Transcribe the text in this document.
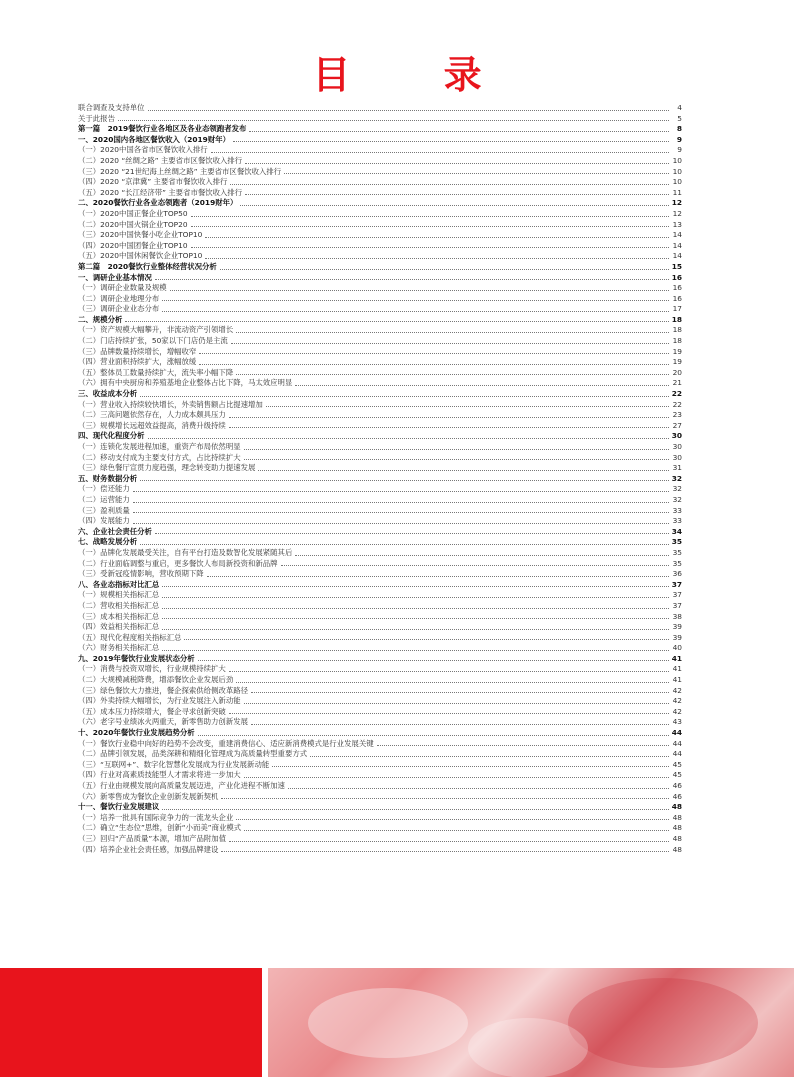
目 录
联合调查及支持单位	4
关于此报告	5
第一篇　2019餐饮行业各地区及各业态领跑者发布	8
一、2020国内各地区餐饮收入（2019财年）	9
（一）2020中国各省市区餐饮收入排行	9
（二）2020 “丝绸之路” 主要省市区餐饮收入排行	10
（三）2020 “21世纪海上丝绸之路” 主要省市区餐饮收入排行	10
（四）2020 “京津冀” 主要省市餐饮收入排行	10
（五）2020 “长江经济带” 主要省市餐饮收入排行	11
二、2020餐饮行业各业态领跑者（2019财年）	12
（一）2020中国正餐企业TOP50	12
（二）2020中国火锅企业TOP20	13
（三）2020中国快餐小吃企业TOP10	14
（四）2020中国团餐企业TOP10	14
（五）2020中国休闲餐饮企业TOP10	14
第二篇　2020餐饮行业整体经营状况分析	15
一、调研企业基本情况	16
（一）调研企业数量及规模	16
（二）调研企业地理分布	16
（三）调研企业业态分布	17
二、规模分析	18
（一）资产规模大幅攀升，非流动资产引领增长	18
（二）门店持续扩张，50家以下门店仍是主流	18
（三）品牌数量持续增长，增幅收窄	19
（四）营业面积持续扩大，涨幅放缓	19
（五）整体员工数量持续扩大，流失率小幅下降	20
（六）拥有中央厨房和养殖基地企业整体占比下降，马太效应明显	21
三、收益成本分析	22
（一）营业收入持续较快增长，外卖销售额占比提速增加	22
（二）三高问题依然存在，人力成本颇具压力	23
（三）规模增长远超效益提高，消费升级持续	27
四、现代化程度分析	30
（一）连锁化发展进程加速，重资产布局依然明显	30
（二）移动支付成为主要支付方式，占比持续扩大	30
（三）绿色餐厅宣贯力度趋强，理念转变助力提速发展	31
五、财务数据分析	32
（一）偿还能力	32
（二）运营能力	32
（三）盈利质量	33
（四）发展能力	33
六、企业社会责任分析	34
七、战略发展分析	35
（一）品牌化发展最受关注，自有平台打造及数智化发展紧随其后	35
（二）行业面临调整与重启，更多餐饮人布局新投资和新品牌	35
（三）受新冠疫情影响，营收预期下降	36
八、各业态指标对比汇总	37
（一）规模相关指标汇总	37
（二）营收相关指标汇总	37
（三）成本相关指标汇总	38
（四）效益相关指标汇总	39
（五）现代化程度相关指标汇总	39
（六）财务相关指标汇总	40
九、2019年餐饮行业发展状态分析	41
（一）消费与投资双增长，行业规模持续扩大	41
（二）大规模减税降费，增添餐饮企业发展后劲	41
（三）绿色餐饮大力推进，餐企探索供给侧改革路径	42
（四）外卖持续大幅增长，为行业发展注入新动能	42
（五）成本压力持续增大，餐企寻求创新突破	42
（六）老字号业绩冰火两重天，新零售助力创新发展	43
十、2020年餐饮行业发展趋势分析	44
（一）餐饮行业稳中向好的趋势不会改变，重建消费信心、适应新消费模式是行业发展关键	44
（二）品牌引领发展，品类深耕和精细化管理成为高质量转型重要方式	44
（三）“互联网+”、数字化智慧化发展成为行业发展新动能	45
（四）行业对高素质技能型人才需求将进一步加大	45
（五）行业由规模发展向高质量发展迈进，产业化进程不断加速	46
（六）新零售成为餐饮企业创新发展新契机	46
十一、餐饮行业发展建议	48
（一）培养一批具有国际竞争力的一流龙头企业	48
（二）确立“生态位”思维，创新“小而美”商业模式	48
（三）回归“产品质量”本源，增加产品附加值	48
（四）培养企业社会责任感，加强品牌建设	48
